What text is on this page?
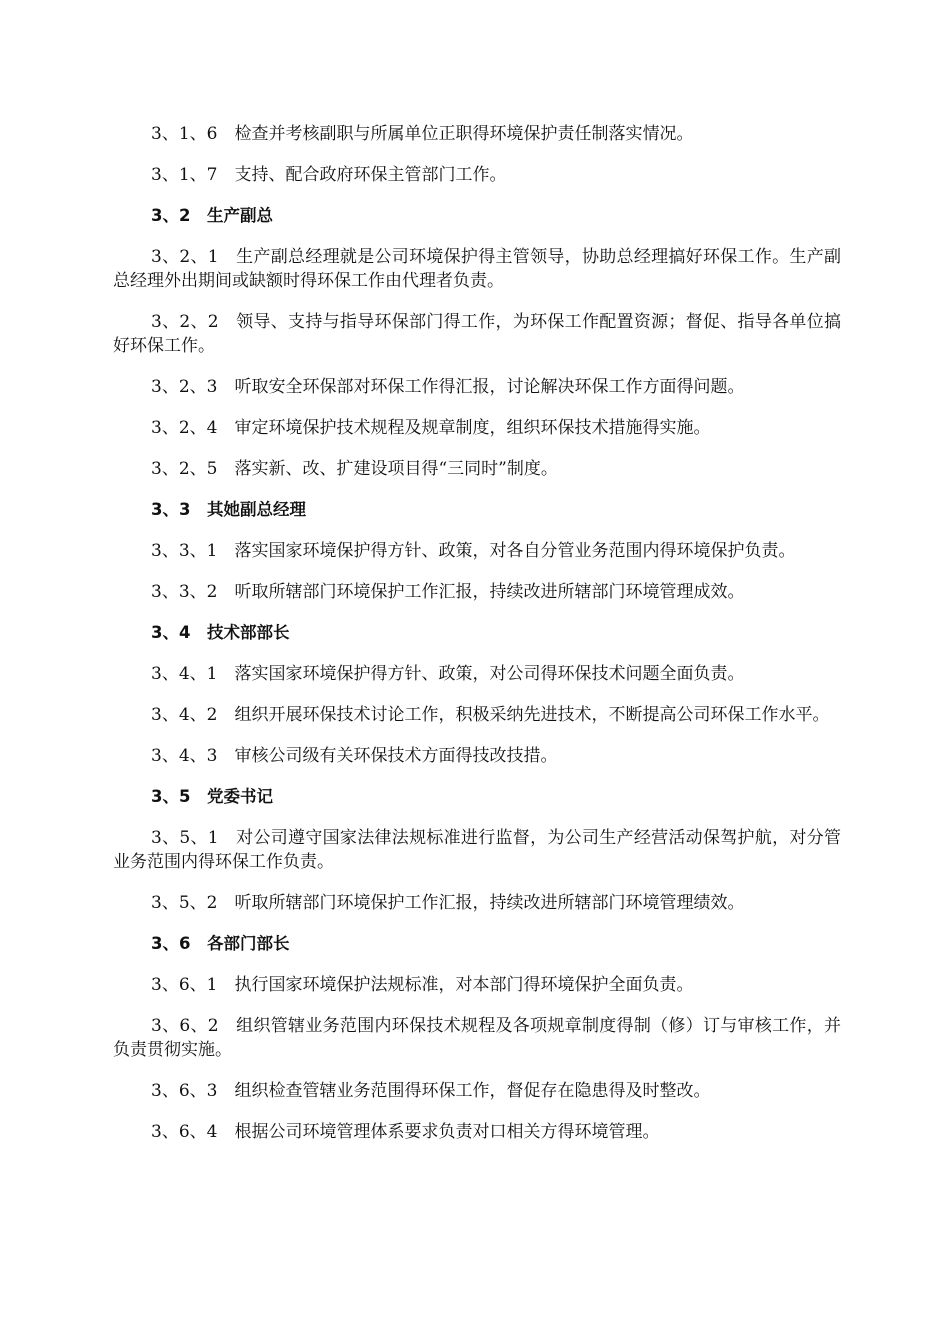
3、1、6　检查并考核副职与所属单位正职得环境保护责任制落实情况。

3、1、7　支持、配合政府环保主管部门工作。

3、2　生产副总

3、2、1　生产副总经理就是公司环境保护得主管领导，协助总经理搞好环保工作。生产副总经理外出期间或缺额时得环保工作由代理者负责。

3、2、2　领导、支持与指导环保部门得工作，为环保工作配置资源；督促、指导各单位搞好环保工作。

3、2、3　听取安全环保部对环保工作得汇报，讨论解决环保工作方面得问题。

3、2、4　审定环境保护技术规程及规章制度，组织环保技术措施得实施。

3、2、5　落实新、改、扩建设项目得“三同时”制度。

3、3　其她副总经理

3、3、1　落实国家环境保护得方针、政策，对各自分管业务范围内得环境保护负责。

3、3、2　听取所辖部门环境保护工作汇报，持续改进所辖部门环境管理成效。

3、4　技术部部长

3、4、1　落实国家环境保护得方针、政策，对公司得环保技术问题全面负责。

3、4、2　组织开展环保技术讨论工作，积极采纳先进技术，不断提高公司环保工作水平。

3、4、3　审核公司级有关环保技术方面得技改技措。

3、5　党委书记

3、5、1　对公司遵守国家法律法规标准进行监督，为公司生产经营活动保驾护航，对分管业务范围内得环保工作负责。

3、5、2　听取所辖部门环境保护工作汇报，持续改进所辖部门环境管理绩效。

3、6　各部门部长

3、6、1　执行国家环境保护法规标准，对本部门得环境保护全面负责。

3、6、2　组织管辖业务范围内环保技术规程及各项规章制度得制（修）订与审核工作，并负责贯彻实施。

3、6、3　组织检查管辖业务范围得环保工作，督促存在隐患得及时整改。

3、6、4　根据公司环境管理体系要求负责对口相关方得环境管理。
